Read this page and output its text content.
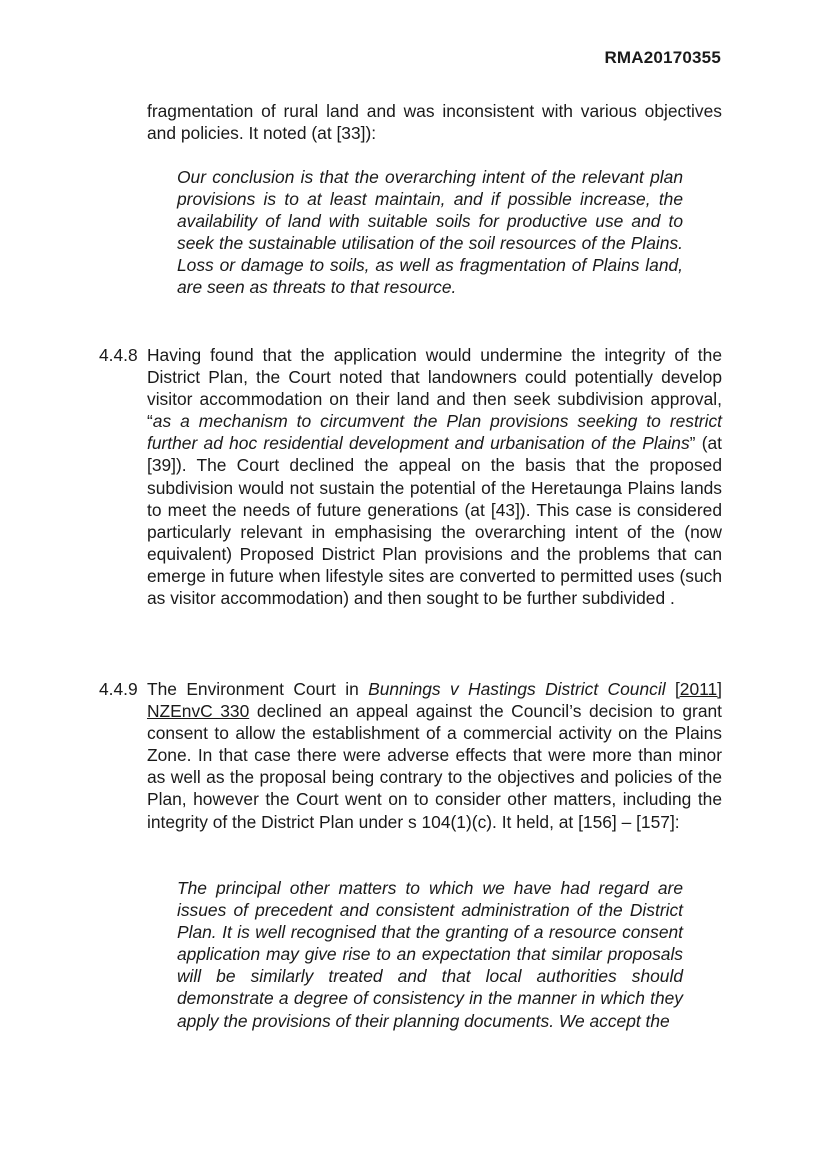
RMA20170355
fragmentation of rural land and was inconsistent with various objectives and policies. It noted (at [33]):
Our conclusion is that the overarching intent of the relevant plan provisions is to at least maintain, and if possible increase, the availability of land with suitable soils for productive use and to seek the sustainable utilisation of the soil resources of the Plains. Loss or damage to soils, as well as fragmentation of Plains land, are seen as threats to that resource.
4.4.8 Having found that the application would undermine the integrity of the District Plan, the Court noted that landowners could potentially develop visitor accommodation on their land and then seek subdivision approval, “as a mechanism to circumvent the Plan provisions seeking to restrict further ad hoc residential development and urbanisation of the Plains” (at [39]). The Court declined the appeal on the basis that the proposed subdivision would not sustain the potential of the Heretaunga Plains lands to meet the needs of future generations (at [43]). This case is considered particularly relevant in emphasising the overarching intent of the (now equivalent) Proposed District Plan provisions and the problems that can emerge in future when lifestyle sites are converted to permitted uses (such as visitor accommodation) and then sought to be further subdivided .
4.4.9 The Environment Court in Bunnings v Hastings District Council [2011] NZEnvC 330 declined an appeal against the Council’s decision to grant consent to allow the establishment of a commercial activity on the Plains Zone. In that case there were adverse effects that were more than minor as well as the proposal being contrary to the objectives and policies of the Plan, however the Court went on to consider other matters, including the integrity of the District Plan under s 104(1)(c). It held, at [156] – [157]:
The principal other matters to which we have had regard are issues of precedent and consistent administration of the District Plan. It is well recognised that the granting of a resource consent application may give rise to an expectation that similar proposals will be similarly treated and that local authorities should demonstrate a degree of consistency in the manner in which they apply the provisions of their planning documents. We accept the
